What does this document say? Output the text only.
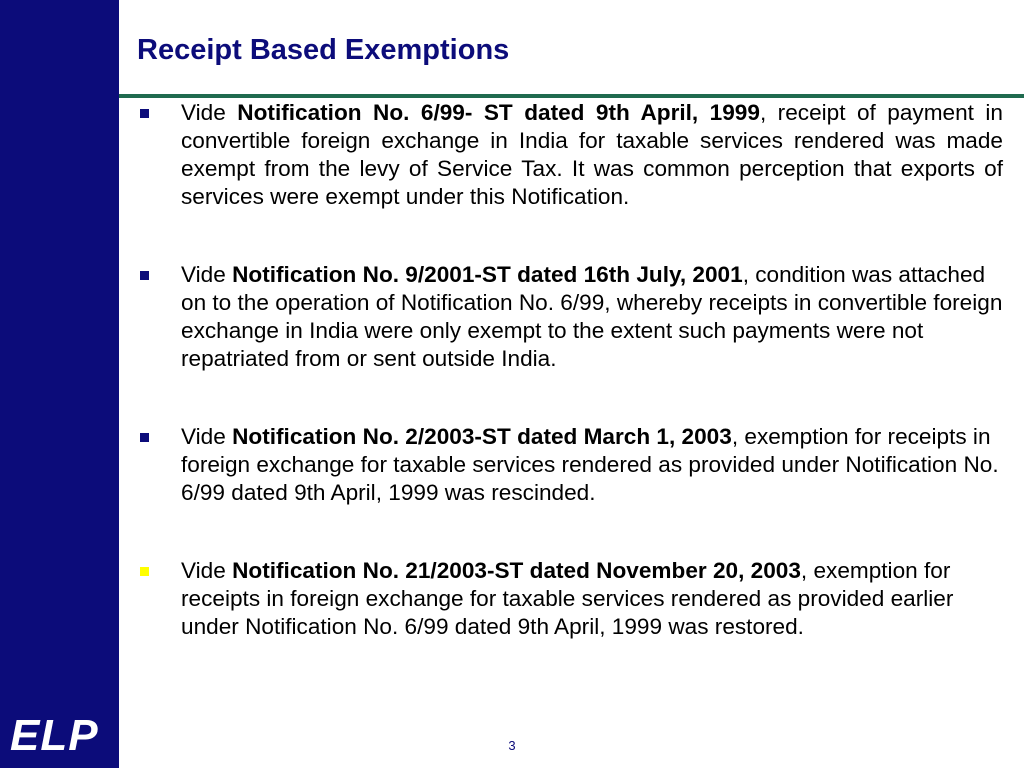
ELP
Receipt Based Exemptions
Vide Notification No. 6/99- ST dated 9th April, 1999, receipt of payment in convertible foreign exchange in India for taxable services rendered was made exempt from the levy of Service Tax. It was common perception that exports of services were exempt under this Notification.
Vide Notification No. 9/2001-ST dated 16th July, 2001, condition was attached on to the operation of Notification No. 6/99, whereby receipts in convertible foreign exchange in India were only exempt to the extent such payments were not repatriated from or sent outside India.
Vide Notification No. 2/2003-ST dated March 1, 2003, exemption for receipts in foreign exchange for taxable services rendered as provided under Notification No. 6/99 dated 9th April, 1999 was rescinded.
Vide Notification No. 21/2003-ST dated November 20, 2003, exemption for receipts in foreign exchange for taxable services rendered as provided earlier under Notification No. 6/99 dated 9th April, 1999 was restored.
3
